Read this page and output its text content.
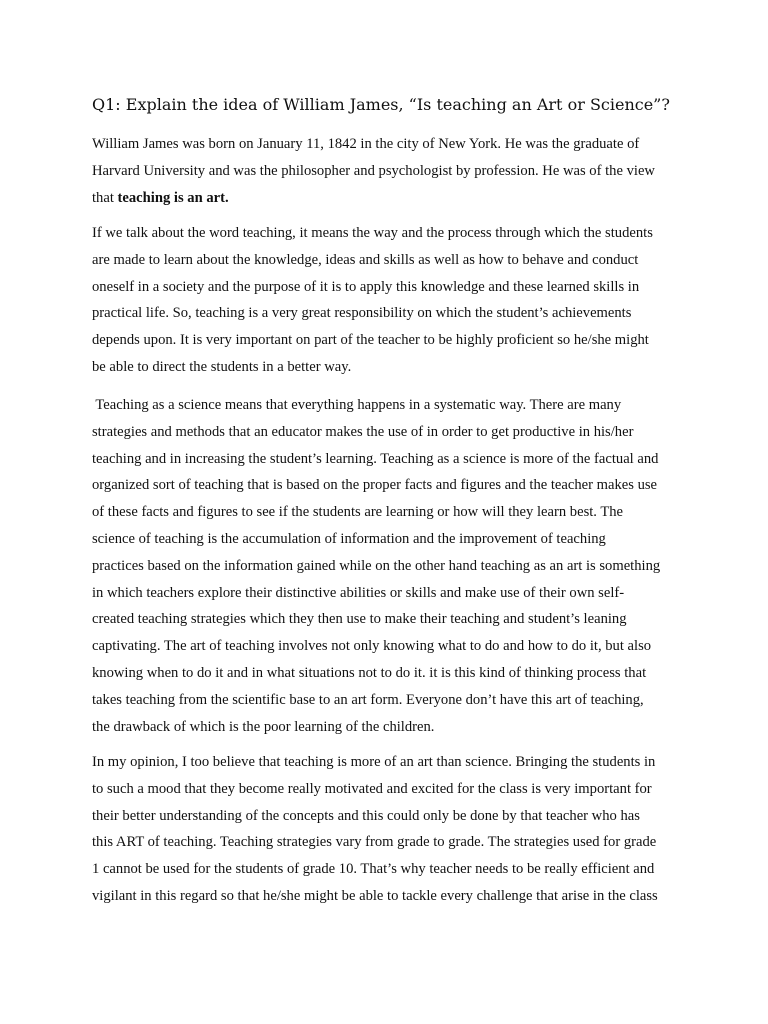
Q1: Explain the idea of William James, “Is teaching an Art or Science”?

William James was born on January 11, 1842 in the city of New York. He was the graduate of
Harvard University and was the philosopher and psychologist by profession. He was of the view
that teaching is an art.

If we talk about the word teaching, it means the way and the process through which the students
are made to learn about the knowledge, ideas and skills as well as how to behave and conduct
oneself in a society and the purpose of it is to apply this knowledge and these learned skills in
practical life. So, teaching is a very great responsibility on which the student’s achievements
depends upon. It is very important on part of the teacher to be highly proficient so he/she might
be able to direct the students in a better way.

Teaching as a science means that everything happens in a systematic way. There are many
strategies and methods that an educator makes the use of in order to get productive in his/her
teaching and in increasing the student’s learning. Teaching as a science is more of the factual and
organized sort of teaching that is based on the proper facts and figures and the teacher makes use
of these facts and figures to see if the students are learning or how will they learn best. The
science of teaching is the accumulation of information and the improvement of teaching
practices based on the information gained while on the other hand teaching as an art is something
in which teachers explore their distinctive abilities or skills and make use of their own self-
created teaching strategies which they then use to make their teaching and student’s leaning
captivating. The art of teaching involves not only knowing what to do and how to do it, but also
knowing when to do it and in what situations not to do it. it is this kind of thinking process that
takes teaching from the scientific base to an art form. Everyone don’t have this art of teaching,
the drawback of which is the poor learning of the children.

In my opinion, I too believe that teaching is more of an art than science. Bringing the students in
to such a mood that they become really motivated and excited for the class is very important for
their better understanding of the concepts and this could only be done by that teacher who has
this ART of teaching. Teaching strategies vary from grade to grade. The strategies used for grade
1 cannot be used for the students of grade 10. That’s why teacher needs to be really efficient and
vigilant in this regard so that he/she might be able to tackle every challenge that arise in the class
